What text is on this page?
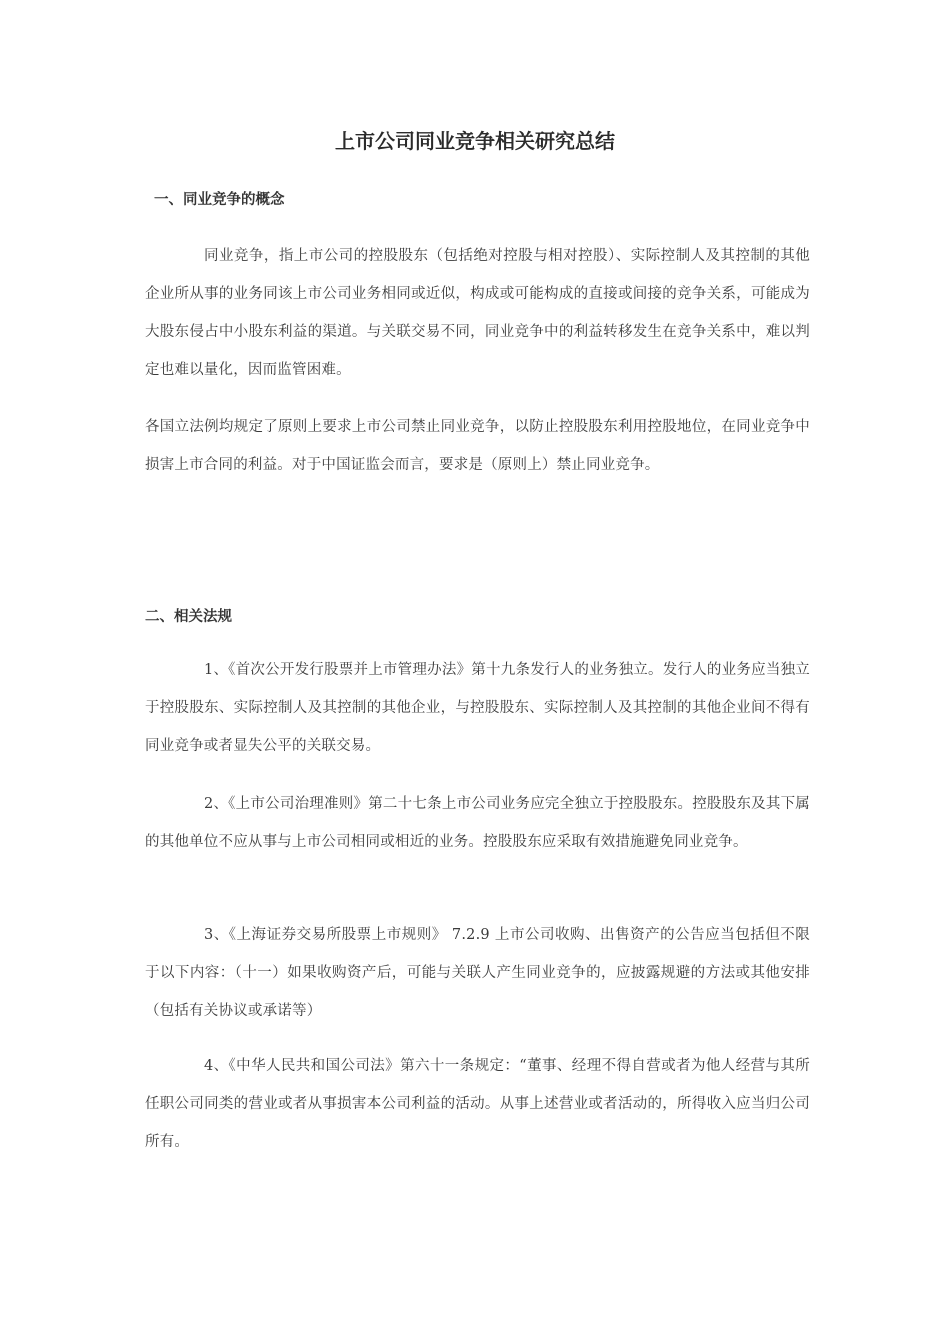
上市公司同业竞争相关研究总结
一、同业竞争的概念

同业竞争，指上市公司的控股股东（包括绝对控股与相对控股）、实际控制人及其控制的其他企业所从事的业务同该上市公司业务相同或近似，构成或可能构成的直接或间接的竞争关系，可能成为大股东侵占中小股东利益的渠道。与关联交易不同，同业竞争中的利益转移发生在竞争关系中，难以判定也难以量化，因而监管困难。

各国立法例均规定了原则上要求上市公司禁止同业竞争，以防止控股股东利用控股地位，在同业竞争中损害上市合同的利益。对于中国证监会而言，要求是（原则上）禁止同业竞争。

二、相关法规

1、《首次公开发行股票并上市管理办法》第十九条发行人的业务独立。发行人的业务应当独立于控股股东、实际控制人及其控制的其他企业，与控股股东、实际控制人及其控制的其他企业间不得有同业竞争或者显失公平的关联交易。

2、《上市公司治理准则》第二十七条上市公司业务应完全独立于控股股东。控股股东及其下属的其他单位不应从事与上市公司相同或相近的业务。控股股东应采取有效措施避免同业竞争。

3、《上海证券交易所股票上市规则》 7.2.9 上市公司收购、出售资产的公告应当包括但不限于以下内容：（十一）如果收购资产后，可能与关联人产生同业竞争的，应披露规避的方法或其他安排（包括有关协议或承诺等）

4、《中华人民共和国公司法》第六十一条规定：“董事、经理不得自营或者为他人经营与其所任职公司同类的营业或者从事损害本公司利益的活动。从事上述营业或者活动的，所得收入应当归公司所有。
